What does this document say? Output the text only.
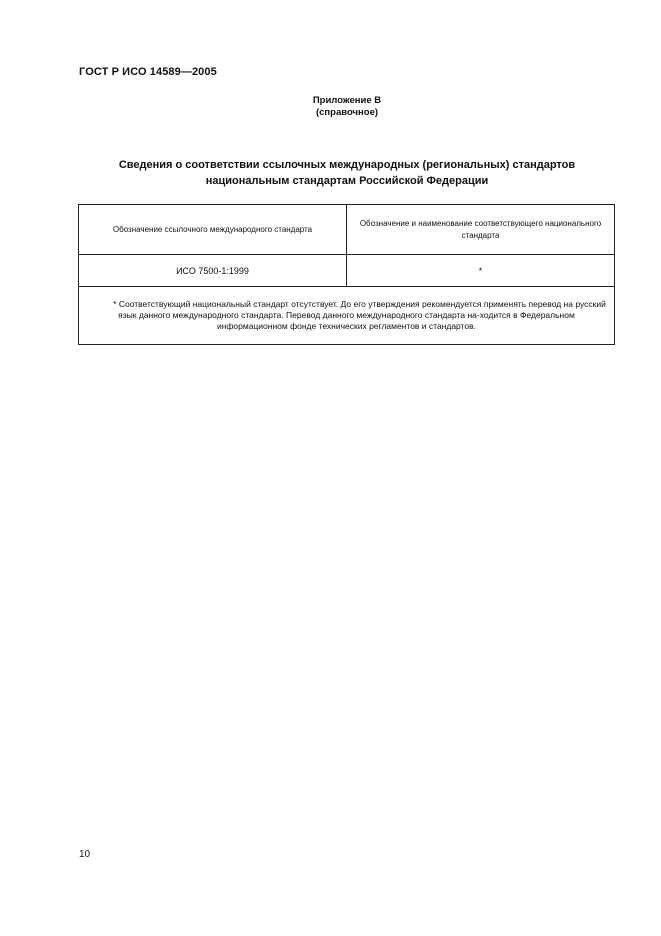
ГОСТ Р ИСО 14589—2005
Приложение В
(справочное)
Сведения о соответствии ссылочных международных (региональных) стандартов
национальным стандартам Российской Федерации
Обозначение ссылочного международного стандарта	Обозначение и наименование соответствующего национального стандарта
ИСО 7500-1:1999	*
* Соответствующий национальный стандарт отсутствует. До его утверждения рекомендуется применять перевод на русский язык данного международного стандарта. Перевод данного международного стандарта на-ходится в Федеральном информационном фонде технических регламентов и стандартов.	
10
